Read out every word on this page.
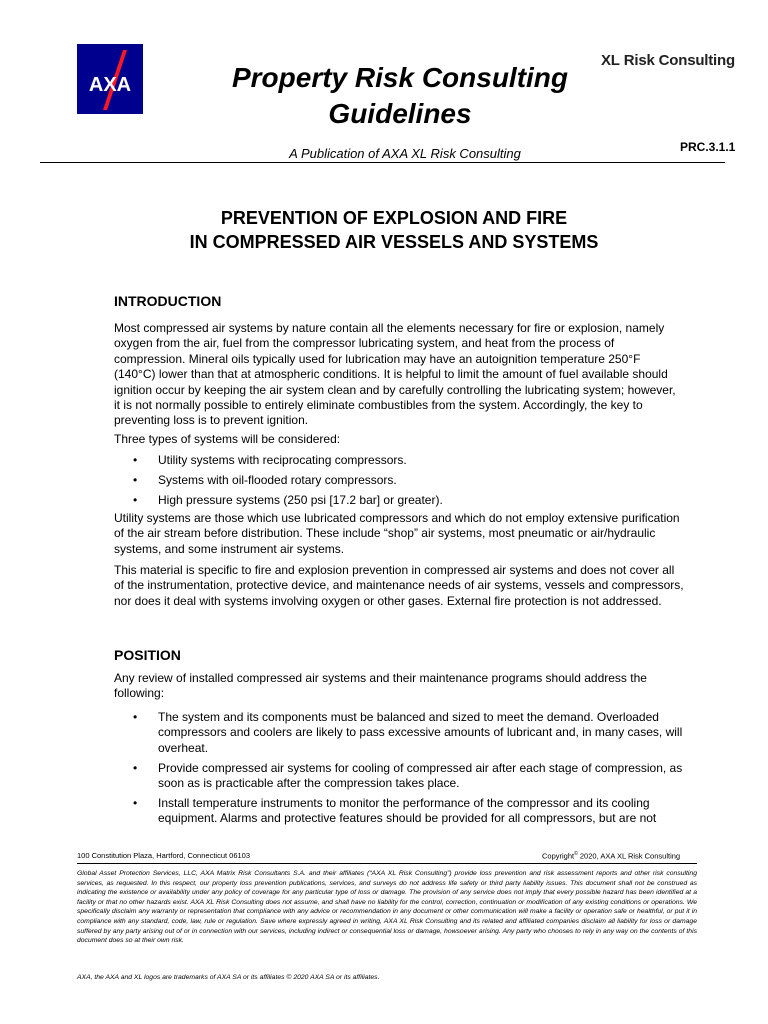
AXA	Property Risk Consulting
Guidelines
XL Risk Consulting
A Publication of AXA XL Risk Consulting	PRC.3.1.1
PREVENTION OF EXPLOSION AND FIRE
IN COMPRESSED AIR VESSELS AND SYSTEMS
INTRODUCTION
Most compressed air systems by nature contain all the elements necessary for fire or explosion, namely oxygen from the air, fuel from the compressor lubricating system, and heat from the process of compression. Mineral oils typically used for lubrication may have an autoignition temperature 250°F (140°C) lower than that at atmospheric conditions. It is helpful to limit the amount of fuel available should ignition occur by keeping the air system clean and by carefully controlling the lubricating system; however, it is not normally possible to entirely eliminate combustibles from the system. Accordingly, the key to preventing loss is to prevent ignition.
Three types of systems will be considered:
• Utility systems with reciprocating compressors.
• Systems with oil-flooded rotary compressors.
• High pressure systems (250 psi [17.2 bar] or greater).
Utility systems are those which use lubricated compressors and which do not employ extensive purification of the air stream before distribution. These include “shop” air systems, most pneumatic or air/hydraulic systems, and some instrument air systems.
This material is specific to fire and explosion prevention in compressed air systems and does not cover all of the instrumentation, protective device, and maintenance needs of air systems, vessels and compressors, nor does it deal with systems involving oxygen or other gases. External fire protection is not addressed.
POSITION
Any review of installed compressed air systems and their maintenance programs should address the following:
• The system and its components must be balanced and sized to meet the demand. Overloaded compressors and coolers are likely to pass excessive amounts of lubricant and, in many cases, will overheat.
• Provide compressed air systems for cooling of compressed air after each stage of compression, as soon as is practicable after the compression takes place.
• Install temperature instruments to monitor the performance of the compressor and its cooling equipment. Alarms and protective features should be provided for all compressors, but are not
100 Constitution Plaza, Hartford, Connecticut 06103	Copyright© 2020, AXA XL Risk Consulting
Global Asset Protection Services, LLC, AXA Matrix Risk Consultants S.A. and their affiliates (“AXA XL Risk Consulting”) provide loss prevention and risk assessment reports and other risk consulting services, as requested. In this respect, our property loss prevention publications, services, and surveys do not address life safety or third party liability issues. This document shall not be construed as indicating the existence or availability under any policy of coverage for any particular type of loss or damage. The provision of any service does not imply that every possible hazard has been identified at a facility or that no other hazards exist. AXA XL Risk Consulting does not assume, and shall have no liability for the control, correction, continuation or modification of any existing conditions or operations. We specifically disclaim any warranty or representation that compliance with any advice or recommendation in any document or other communication will make a facility or operation safe or healthful, or put it in compliance with any standard, code, law, rule or regulation. Save where expressly agreed in writing, AXA XL Risk Consulting and its related and affiliated companies disclaim all liability for loss or damage suffered by any party arising out of or in connection with our services, including indirect or consequential loss or damage, howsoever arising. Any party who chooses to rely in any way on the contents of this document does so at their own risk.
AXA, the AXA and XL logos are trademarks of AXA SA or its affiliates © 2020 AXA SA or its affiliates.
